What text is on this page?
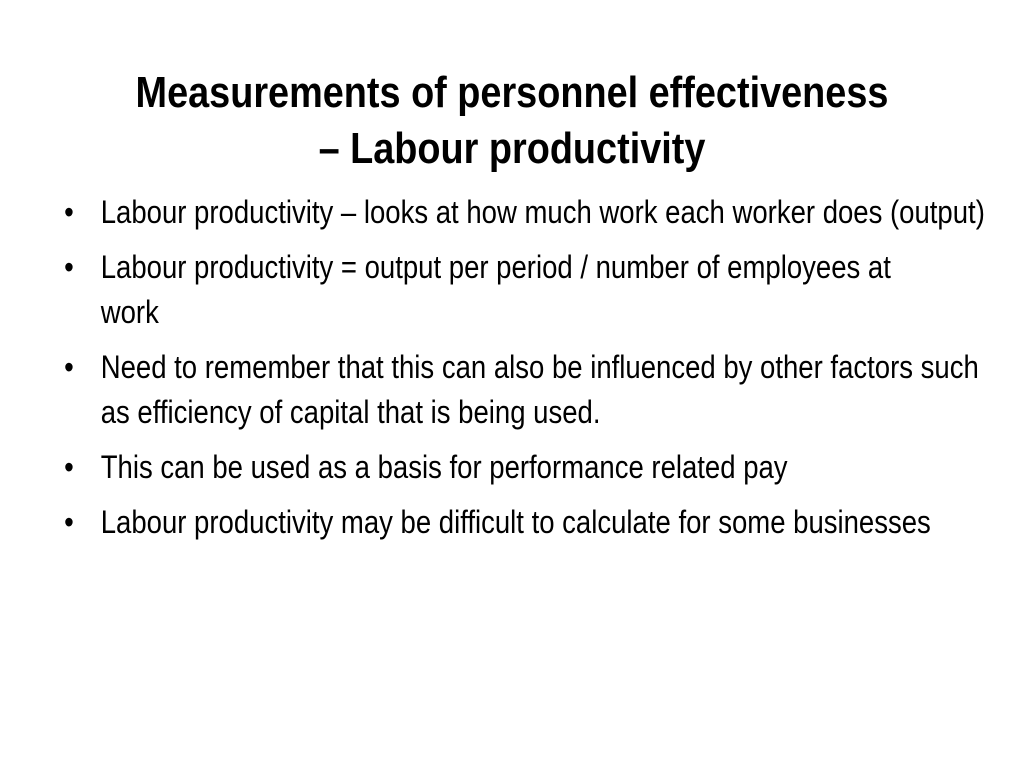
Measurements of personnel effectiveness
– Labour productivity
• Labour productivity – looks at how much work each worker does (output)
• Labour productivity = output per period / number of employees at work
• Need to remember that this can also be influenced by other factors such as efficiency of capital that is being used.
• This can be used as a basis for performance related pay
• Labour productivity may be difficult to calculate for some businesses
